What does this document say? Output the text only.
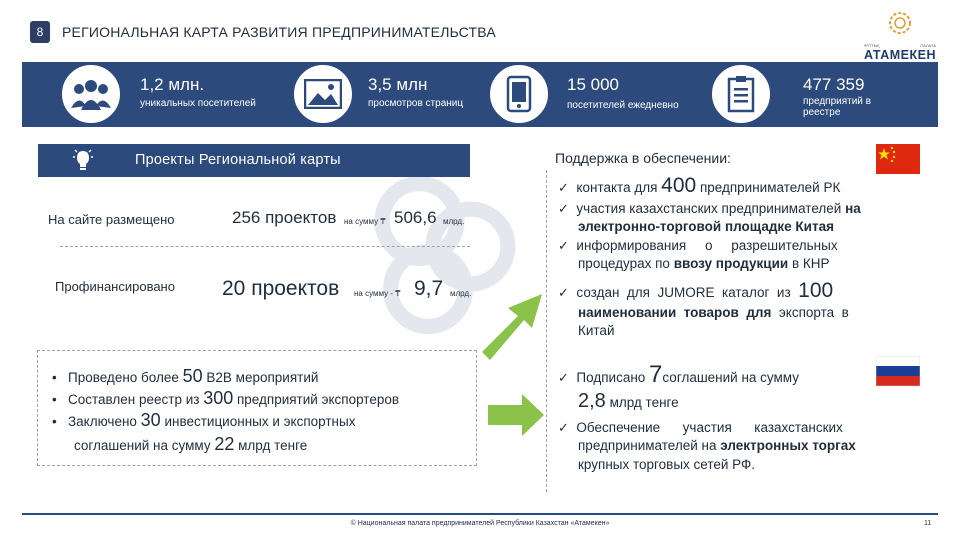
8	РЕГИОНАЛЬНАЯ КАРТА РАЗВИТИЯ ПРЕДПРИНИМАТЕЛЬСТВА
ҰЛТТЫҚ	ПАЛАТА
АТАМЕКЕН
1,2 млн.
уникальных посетителей
3,5 млн
просмотров страниц
15 000
посетителей ежедневно
477 359
предприятий в реестре
Проекты Региональной карты
На сайте размещено	256 проектов на сумму ₸ 506,6 млрд.
Профинансировано 20 проектов на сумму - ₸ 9,7 млрд.
•   Проведено более 50 B2B мероприятий
•   Составлен реестр из 300 предприятий экспортеров
•   Заключено 30 инвестиционных и экспортных
соглашений на сумму 22 млрд тенге
Поддержка в обеспечении:
✓ контакта для 400 предпринимателей РК
✓ участия казахстанских предпринимателей на
электронно-торговой площадке Китая
✓ информирования     о     разрешительных
процедурах по ввозу продукции в КНР
✓ создан  для  JUMORE  каталог  из  100
наименовании  товаров  для  экспорта  в
Китай
✓ Подписано 7соглашений на сумму
2,8 млрд тенге
✓ Обеспечение      участия      казахстанских
предпринимателей на электронных торгах
крупных торговых сетей РФ.
© Национальная палата предпринимателей Республики Казахстан «Атамекен»	11
